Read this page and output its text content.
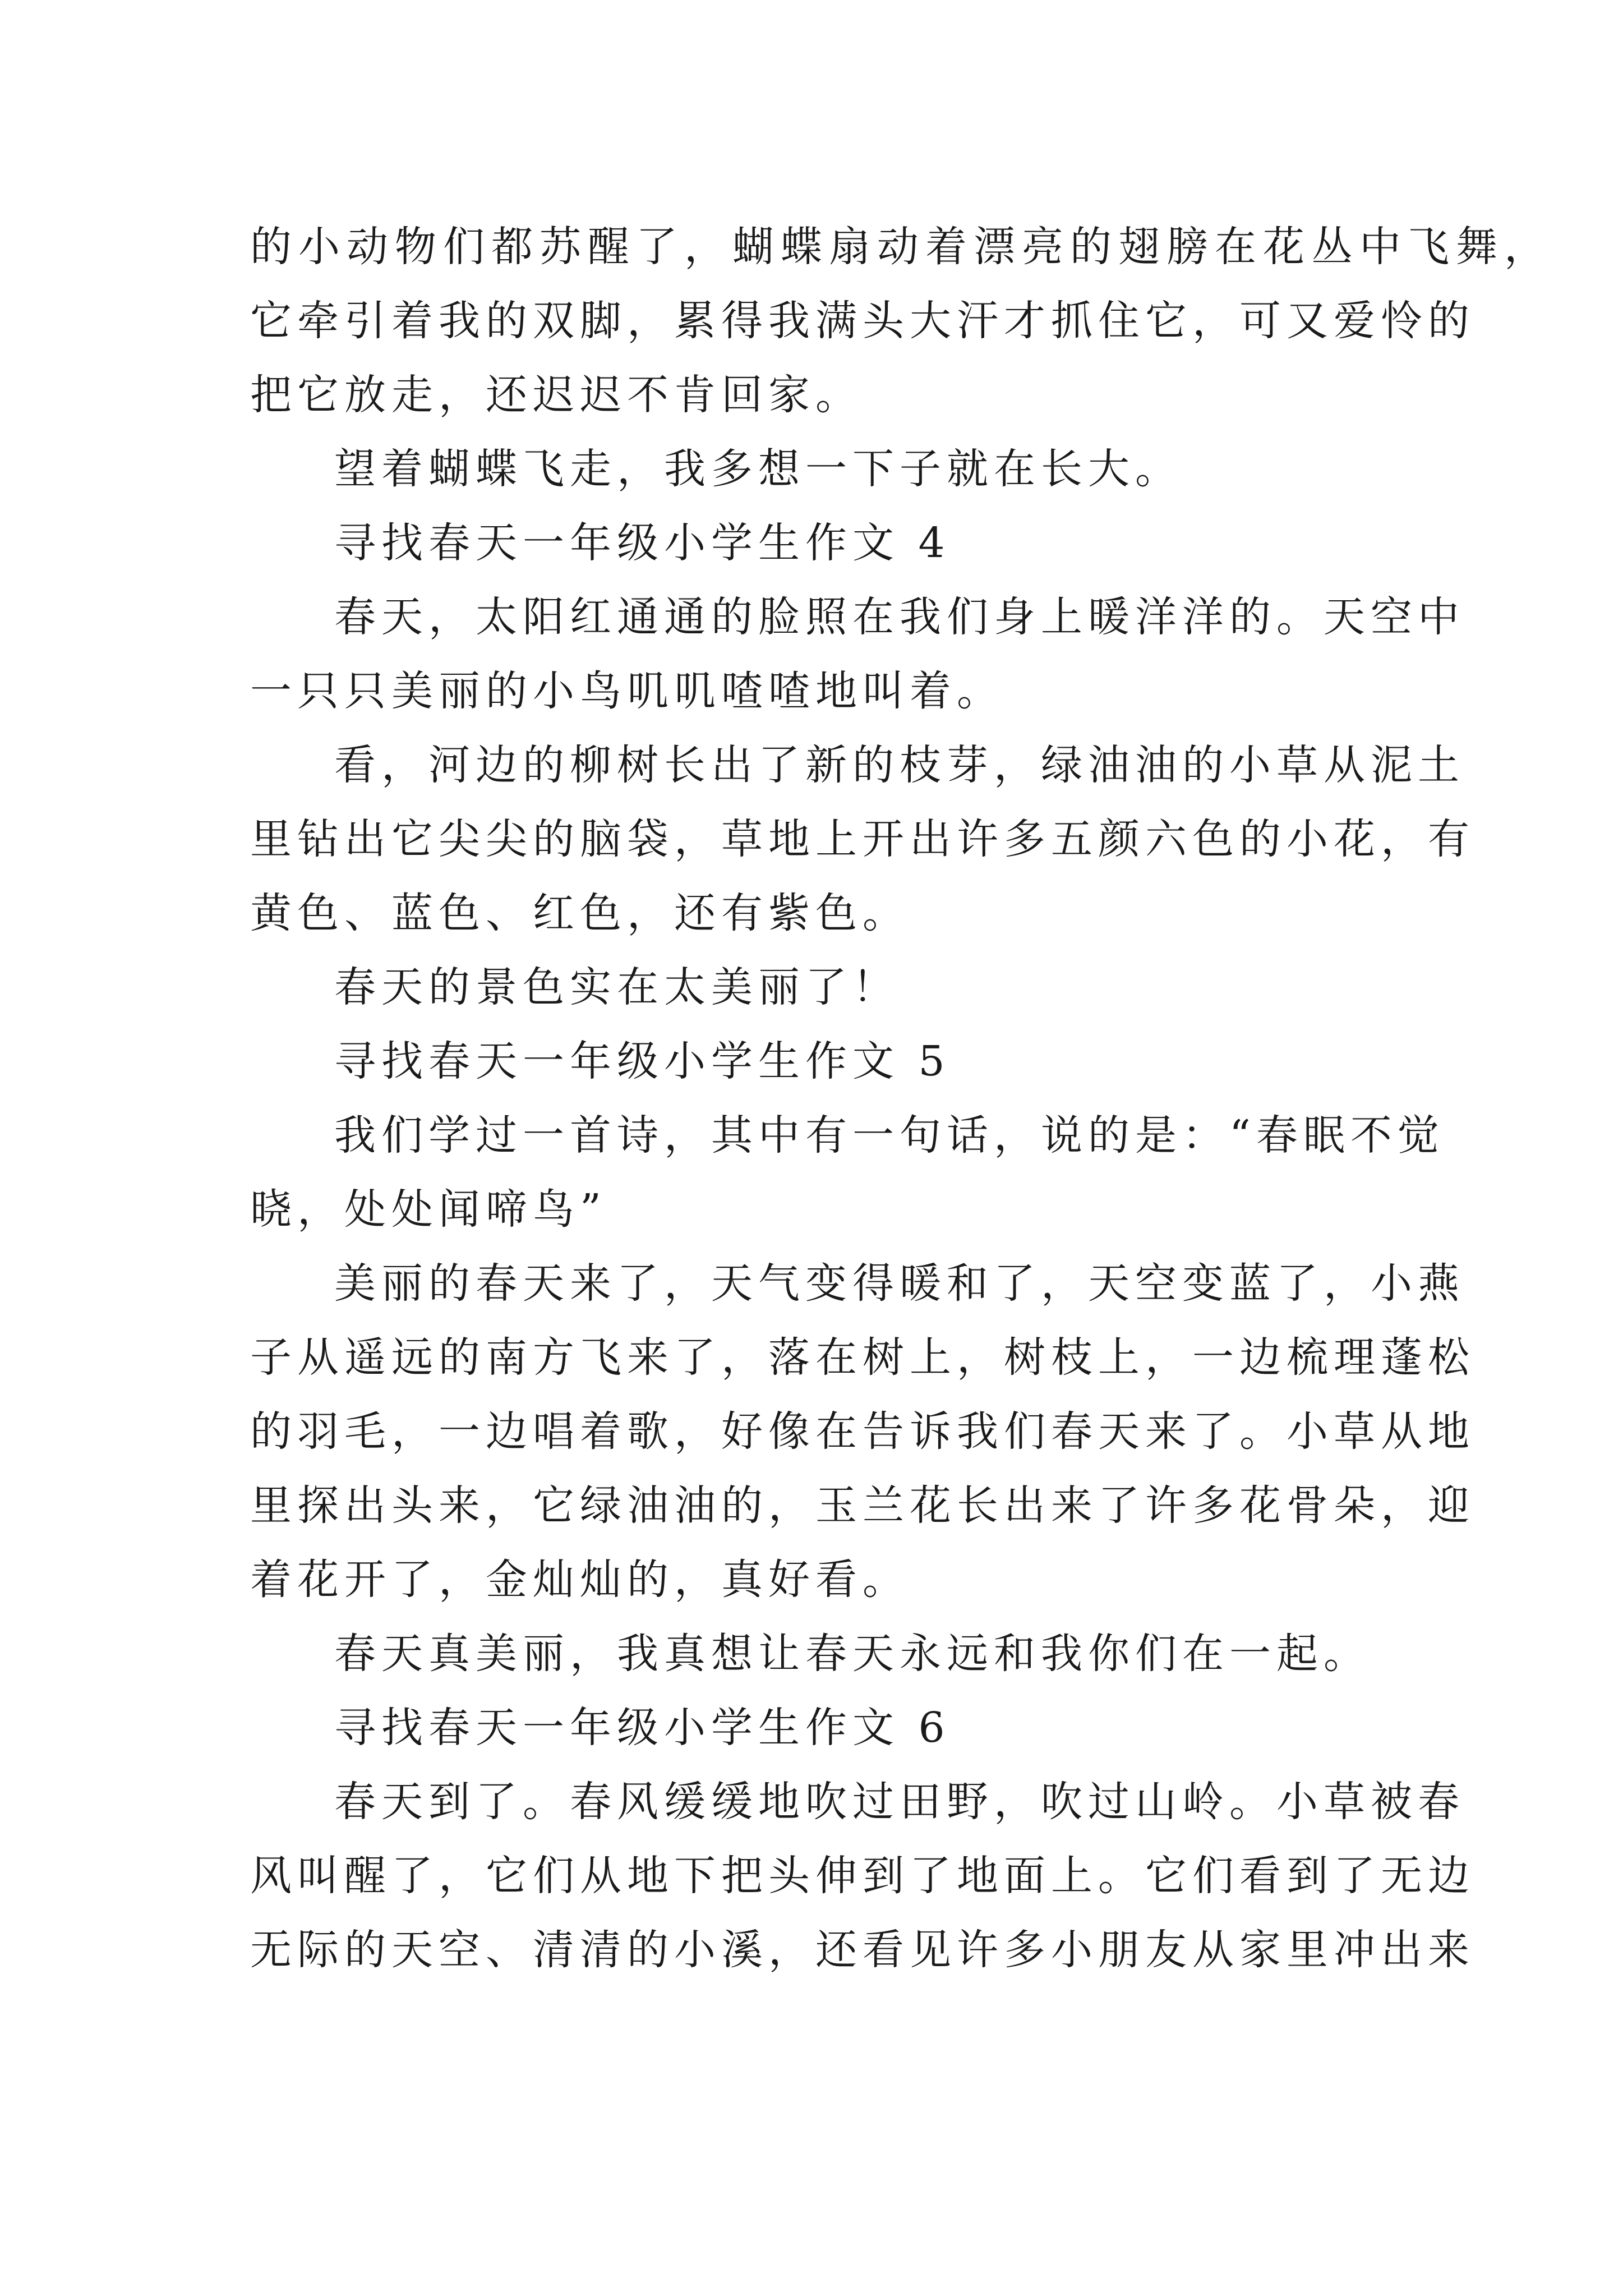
的小动物们都苏醒了，蝴蝶扇动着漂亮的翅膀在花丛中飞舞，
它牵引着我的双脚，累得我满头大汗才抓住它，可又爱怜的
把它放走，还迟迟不肯回家。
望着蝴蝶飞走，我多想一下子就在长大。
寻找春天一年级小学生作文 4
春天，太阳红通通的脸照在我们身上暖洋洋的。天空中
一只只美丽的小鸟叽叽喳喳地叫着。
看，河边的柳树长出了新的枝芽，绿油油的小草从泥土
里钻出它尖尖的脑袋，草地上开出许多五颜六色的小花，有
黄色、蓝色、红色，还有紫色。
春天的景色实在太美丽了！
寻找春天一年级小学生作文 5
我们学过一首诗，其中有一句话，说的是：“春眠不觉
晓，处处闻啼鸟”
美丽的春天来了，天气变得暖和了，天空变蓝了，小燕
子从遥远的南方飞来了，落在树上，树枝上，一边梳理蓬松
的羽毛，一边唱着歌，好像在告诉我们春天来了。小草从地
里探出头来，它绿油油的，玉兰花长出来了许多花骨朵，迎
着花开了，金灿灿的，真好看。
春天真美丽，我真想让春天永远和我你们在一起。
寻找春天一年级小学生作文 6
春天到了。春风缓缓地吹过田野，吹过山岭。小草被春
风叫醒了，它们从地下把头伸到了地面上。它们看到了无边
无际的天空、清清的小溪，还看见许多小朋友从家里冲出来
